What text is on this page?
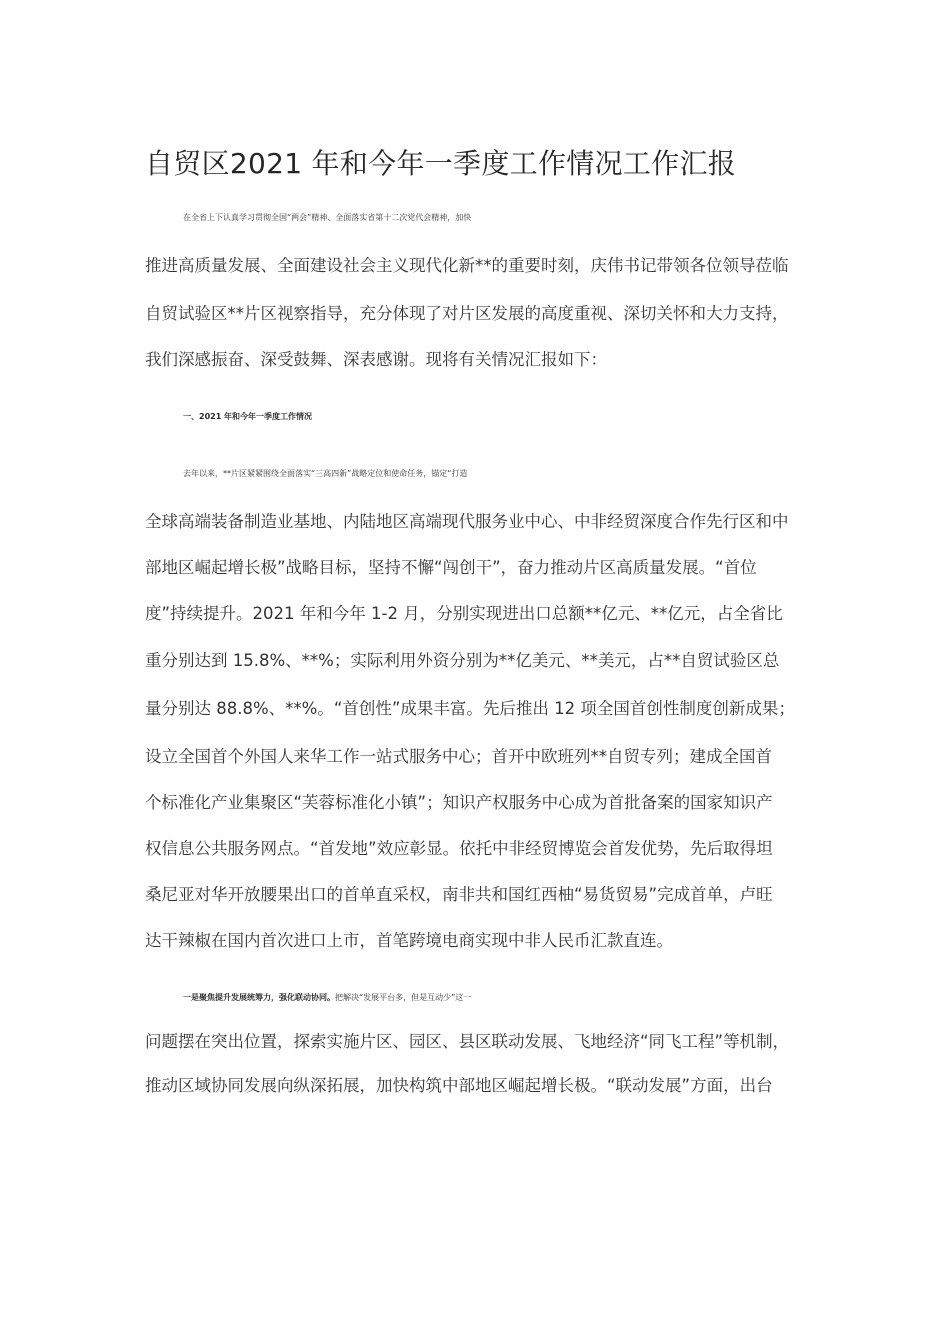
自贸区2021 年和今年一季度工作情况工作汇报

在全省上下认真学习贯彻全国“两会”精神、全面落实省第十二次党代会精神，加快

推进高质量发展、全面建设社会主义现代化新**的重要时刻，庆伟书记带领各位领导莅临

自贸试验区**片区视察指导，充分体现了对片区发展的高度重视、深切关怀和大力支持，

我们深感振奋、深受鼓舞、深表感谢。现将有关情况汇报如下：

一、2021 年和今年一季度工作情况

去年以来，**片区紧紧围绕全面落实“三高四新”战略定位和使命任务，锚定“打造

全球高端装备制造业基地、内陆地区高端现代服务业中心、中非经贸深度合作先行区和中

部地区崛起增长极”战略目标，坚持不懈“闯创干”，奋力推动片区高质量发展。“首位

度”持续提升。2021 年和今年 1-2 月，分别实现进出口总额**亿元、**亿元，占全省比

重分别达到 15.8%、**%；实际利用外资分别为**亿美元、**美元，占**自贸试验区总

量分别达 88.8%、**%。“首创性”成果丰富。先后推出 12 项全国首创性制度创新成果；

设立全国首个外国人来华工作一站式服务中心；首开中欧班列**自贸专列；建成全国首

个标准化产业集聚区“芙蓉标准化小镇”；知识产权服务中心成为首批备案的国家知识产

权信息公共服务网点。“首发地”效应彰显。依托中非经贸博览会首发优势，先后取得坦

桑尼亚对华开放腰果出口的首单直采权，南非共和国红西柚“易货贸易”完成首单，卢旺

达干辣椒在国内首次进口上市，首笔跨境电商实现中非人民币汇款直连。

一是聚焦提升发展统筹力，强化联动协同。把解决“发展平台多，但是互动少”这一

问题摆在突出位置，探索实施片区、园区、县区联动发展、飞地经济“同飞工程”等机制，

推动区域协同发展向纵深拓展，加快构筑中部地区崛起增长极。“联动发展”方面，出台
